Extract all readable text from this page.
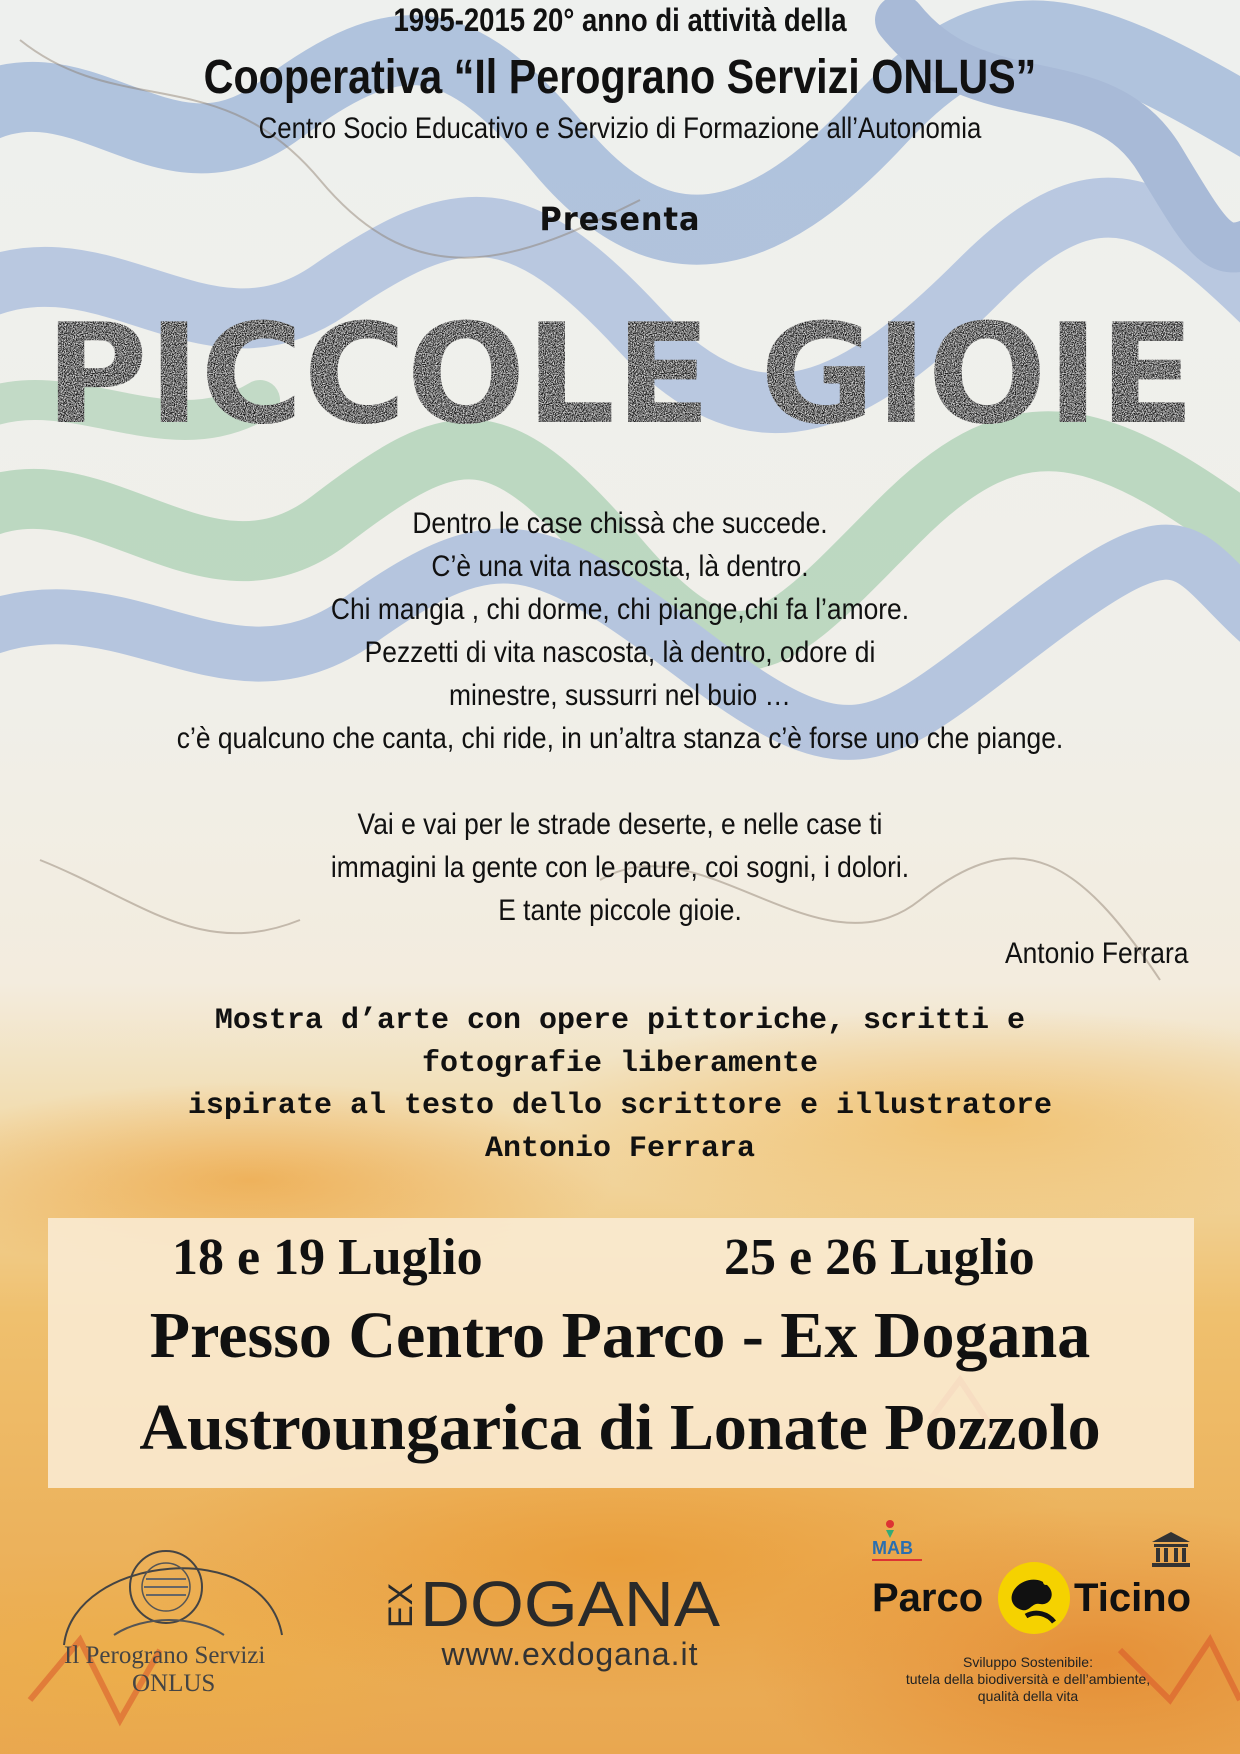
1995-2015 20° anno di attività della
Cooperativa “Il Perograno Servizi ONLUS”
Centro Socio Educativo e Servizio di Formazione all’Autonomia
Presenta
PICCOLE GIOIE
Dentro le case chissà che succede.
C’è una vita nascosta, là dentro.
Chi mangia , chi dorme, chi piange,chi fa l’amore.
Pezzetti di vita nascosta, là dentro, odore di
minestre, sussurri nel buio …
c’è qualcuno che canta, chi ride, in un’altra stanza c’è forse uno che piange.
Vai e vai per le strade deserte, e nelle case ti
immagini la gente con le paure, coi sogni, i dolori.
E tante piccole gioie.
Antonio Ferrara
Mostra d’arte con opere pittoriche, scritti e
fotografie liberamente
ispirate al testo dello scrittore e illustratore
Antonio Ferrara
18 e 19 Luglio	25 e 26 Luglio
Presso Centro Parco - Ex Dogana
Austroungarica di Lonate Pozzolo
Il Perograno Servizi
ONLUS
EX DOGANA
www.exdogana.it
MAB
Parco Ticino
Sviluppo Sostenibile:
tutela della biodiversità e dell’ambiente,
qualità della vita
